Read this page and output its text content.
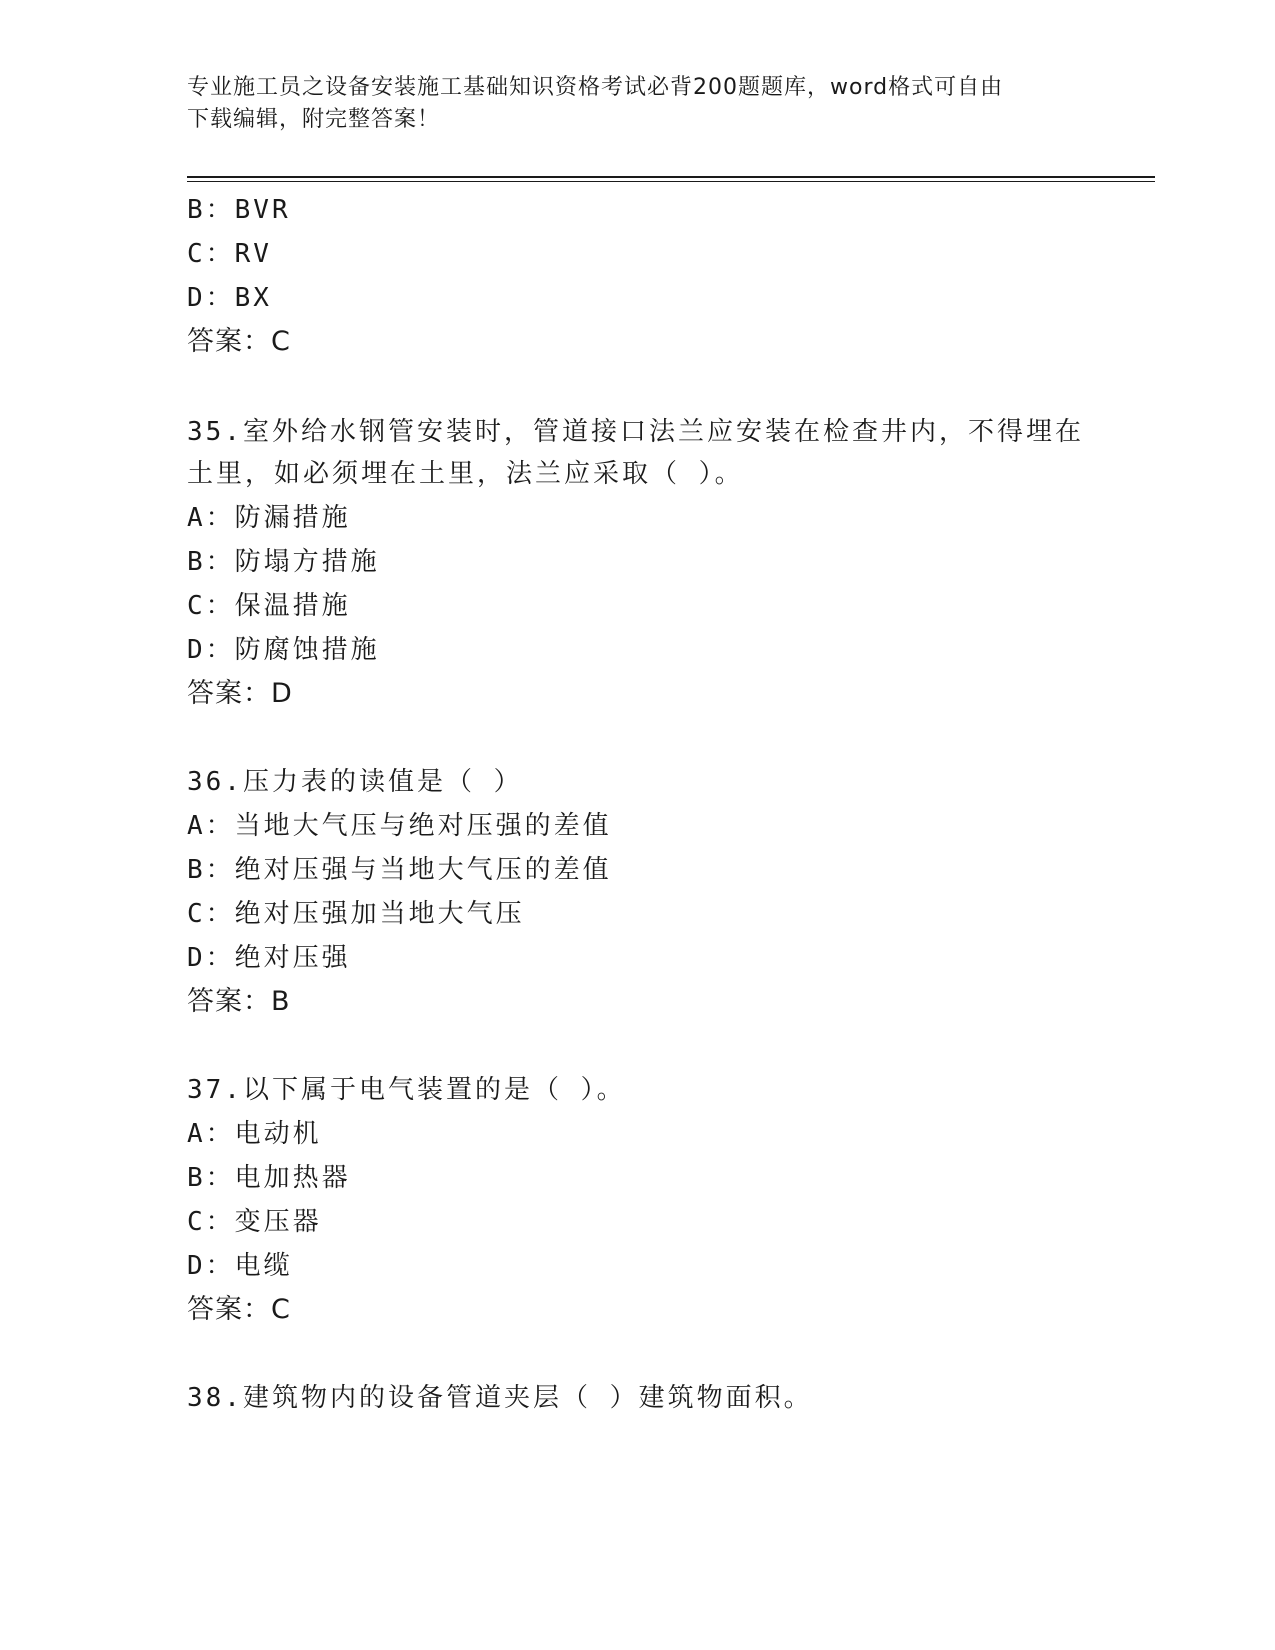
专业施工员之设备安装施工基础知识资格考试必背200题题库，word格式可自由
下载编辑，附完整答案！
B：BVR
C：RV
D：BX
答案：C
35.室外给水钢管安装时，管道接口法兰应安装在检查井内，不得埋在
土里，如必须埋在土里，法兰应采取（ ）。
A：防漏措施
B：防塌方措施
C：保温措施
D：防腐蚀措施
答案：D
36.压力表的读值是（ ）
A：当地大气压与绝对压强的差值
B：绝对压强与当地大气压的差值
C：绝对压强加当地大气压
D：绝对压强
答案：B
37.以下属于电气装置的是（ ）。
A：电动机
B：电加热器
C：变压器
D：电缆
答案：C
38.建筑物内的设备管道夹层（ ）建筑物面积。
